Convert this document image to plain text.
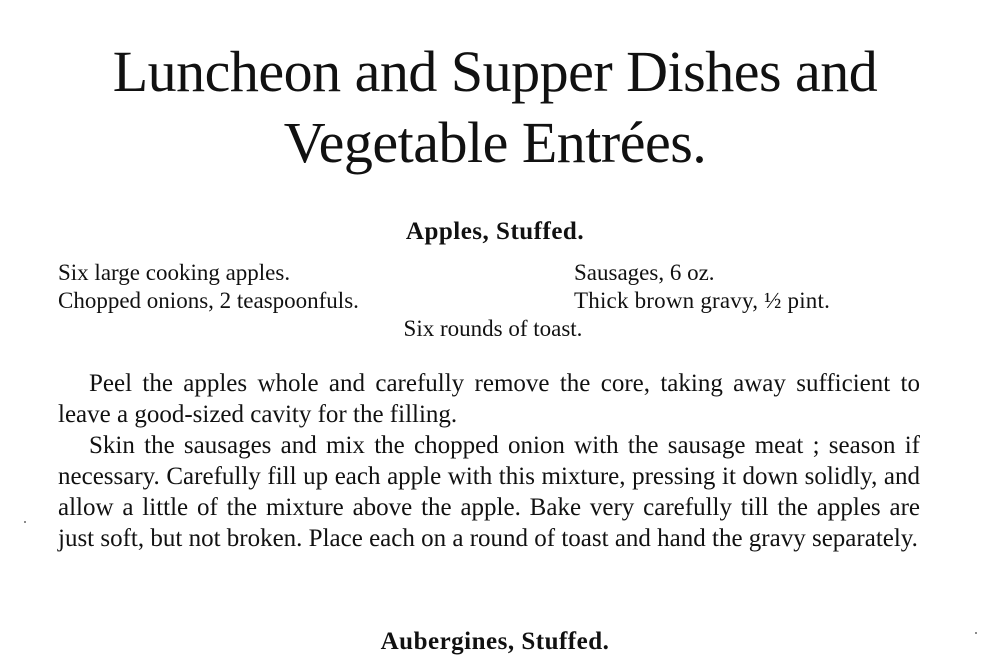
Luncheon and Supper Dishes and
Vegetable Entrées.
Apples, Stuffed.
Six large cooking apples.	Sausages, 6 oz.
Chopped onions, 2 teaspoonfuls.	Thick brown gravy, ½ pint.
Six rounds of toast.

Peel the apples whole and carefully remove the core, taking away sufficient to leave a good-sized cavity for the filling.

Skin the sausages and mix the chopped onion with the sausage meat ; season if necessary. Carefully fill up each apple with this mixture, pressing it down solidly, and allow a little of the mixture above the apple. Bake very carefully till the apples are just soft, but not broken. Place each on a round of toast and hand the gravy separately.

Aubergines, Stuffed.
